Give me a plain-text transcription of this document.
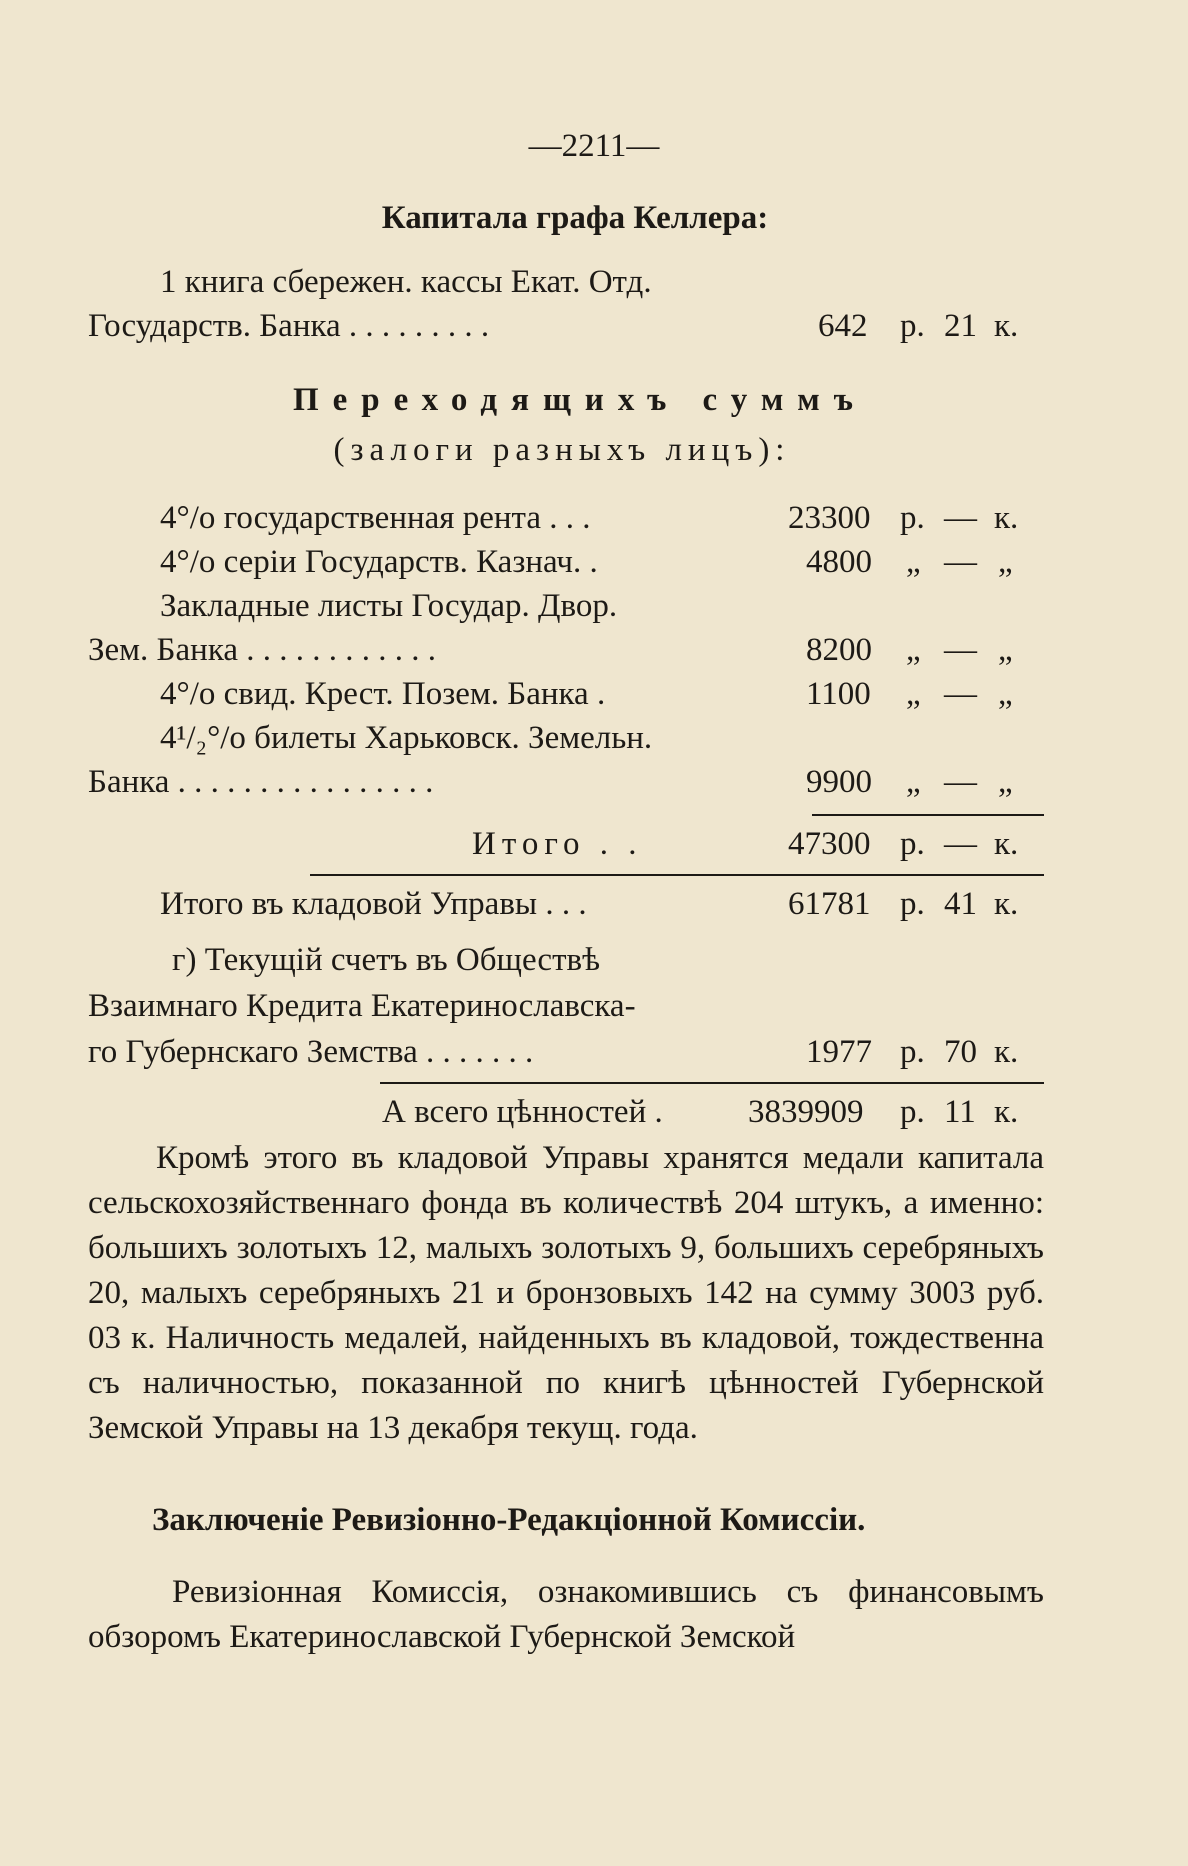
—2211—
Капитала графа Келлера:
1 книга сбережен. кассы Екат. Отд.
Государств. Банка . . . . . . . . .	642 р. 21 к.
Переходящихъ суммъ
(залоги разныхъ лицъ):
4°/o государственная рента . . .	23300 р. — к.
4°/o серіи Государств. Казнач. .	4800 „ — „
Закладные листы Государ. Двор.
Зем. Банка . . . . . . . . . . . .	8200 „ — „
4°/o свид. Крест. Позем. Банка .	1100 „ — „
4¹/₂°/o билеты Харьковск. Земельн.
Банка . . . . . . . . . . . . . . . .	9900 „ — „
Итого . .	47300 р. — к.
Итого въ кладовой Управы . . .	61781 р. 41 к.
г) Текущій счетъ въ Обществѣ
Взаимнаго Кредита Екатеринославска-
го Губернскаго Земства . . . . . . .	1977 р. 70 к.
А всего цѣнностей .	3839909 р. 11 к.
Кромѣ этого въ кладовой Управы хранятся медали капитала сельскохозяйственнаго фонда въ количествѣ 204 штукъ, а именно: большихъ золотыхъ 12, малыхъ золотыхъ 9, большихъ серебряныхъ 20, малыхъ серебряныхъ 21 и бронзовыхъ 142 на сумму 3003 руб. 03 к. Наличность медалей, найденныхъ въ кладовой, тождественна съ наличностью, показанной по книгѣ цѣнностей Губернской Земской Управы на 13 декабря текущ. года.
Заключеніе Ревизіонно-Редакціонной Комиссіи.
Ревизіонная Комиссія, ознакомившись съ финансовымъ обзоромъ Екатеринославской Губернской Земской
